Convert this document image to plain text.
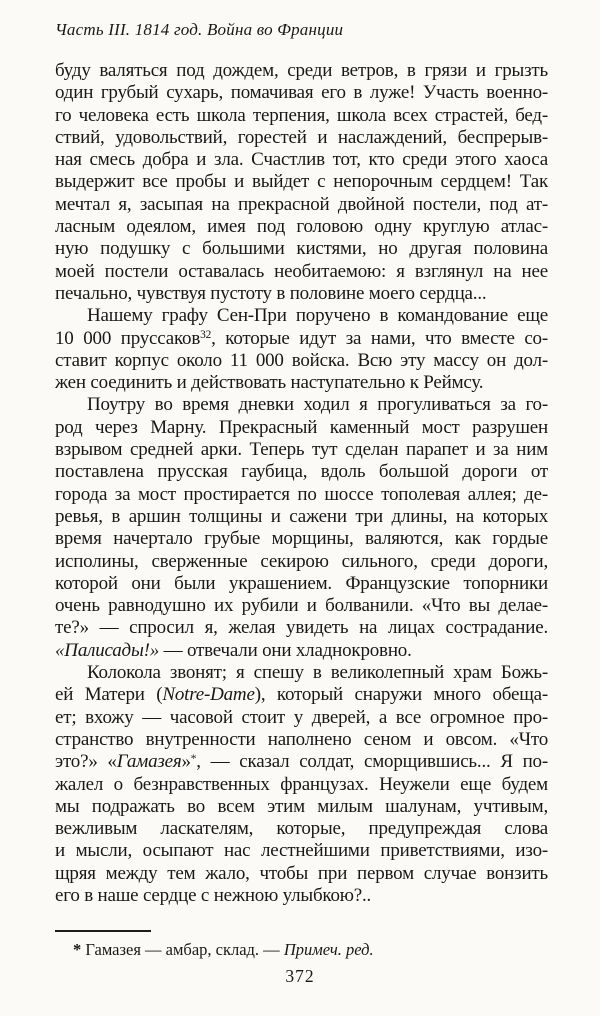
Часть III. 1814 год. Война во Франции
буду валяться под дождем, среди ветров, в грязи и грызть
один грубый сухарь, помачивая его в луже! Участь военно-
го человека есть школа терпения, школа всех страстей, бед-
ствий, удовольствий, горестей и наслаждений, беспрерыв-
ная смесь добра и зла. Счастлив тот, кто среди этого хаоса
выдержит все пробы и выйдет с непорочным сердцем! Так
мечтал я, засыпая на прекрасной двойной постели, под ат-
ласным одеялом, имея под головою одну круглую атлас-
ную подушку с большими кистями, но другая половина
моей постели оставалась необитаемою: я взглянул на нее
печально, чувствуя пустоту в половине моего сердца...
Нашему графу Сен-При поручено в командование еще
10 000 пруссаков$^{32}$, которые идут за нами, что вместе со-
ставит корпус около 11 000 войска. Всю эту массу он дол-
жен соединить и действовать наступательно к Реймсу.
Поутру во время дневки ходил я прогуливаться за го-
род через Марну. Прекрасный каменный мост разрушен
взрывом средней арки. Теперь тут сделан парапет и за ним
поставлена прусская гаубица, вдоль большой дороги от
города за мост простирается по шоссе тополевая аллея; де-
ревья, в аршин толщины и сажени три длины, на которых
время начертало грубые морщины, валяются, как гордые
исполины, сверженные секирою сильного, среди дороги,
которой они были украшением. Французские топорники
очень равнодушно их рубили и болванили. «Что вы делае-
те?» — спросил я, желая увидеть на лицах сострадание.
«Палисады!» — отвечали они хладнокровно.
Колокола звонят; я спешу в великолепный храм Божь-
ей Матери (Notre-Dame), который снаружи много обеща-
ет; вхожу — часовой стоит у дверей, а все огромное про-
странство внутренности наполнено сеном и овсом. «Что
это?» «Гамазея»*, — сказал солдат, сморщившись... Я по-
жалел о безнравственных французах. Неужели еще будем
мы подражать во всем этим милым шалунам, учтивым,
вежливым ласкателям, которые, предупреждая слова
и мысли, осыпают нас лестнейшими приветствиями, изо-
щряя между тем жало, чтобы при первом случае вонзить
его в наше сердце с нежною улыбкою?..
* Гамазея — амбар, склад. — Примеч. ред.
372
